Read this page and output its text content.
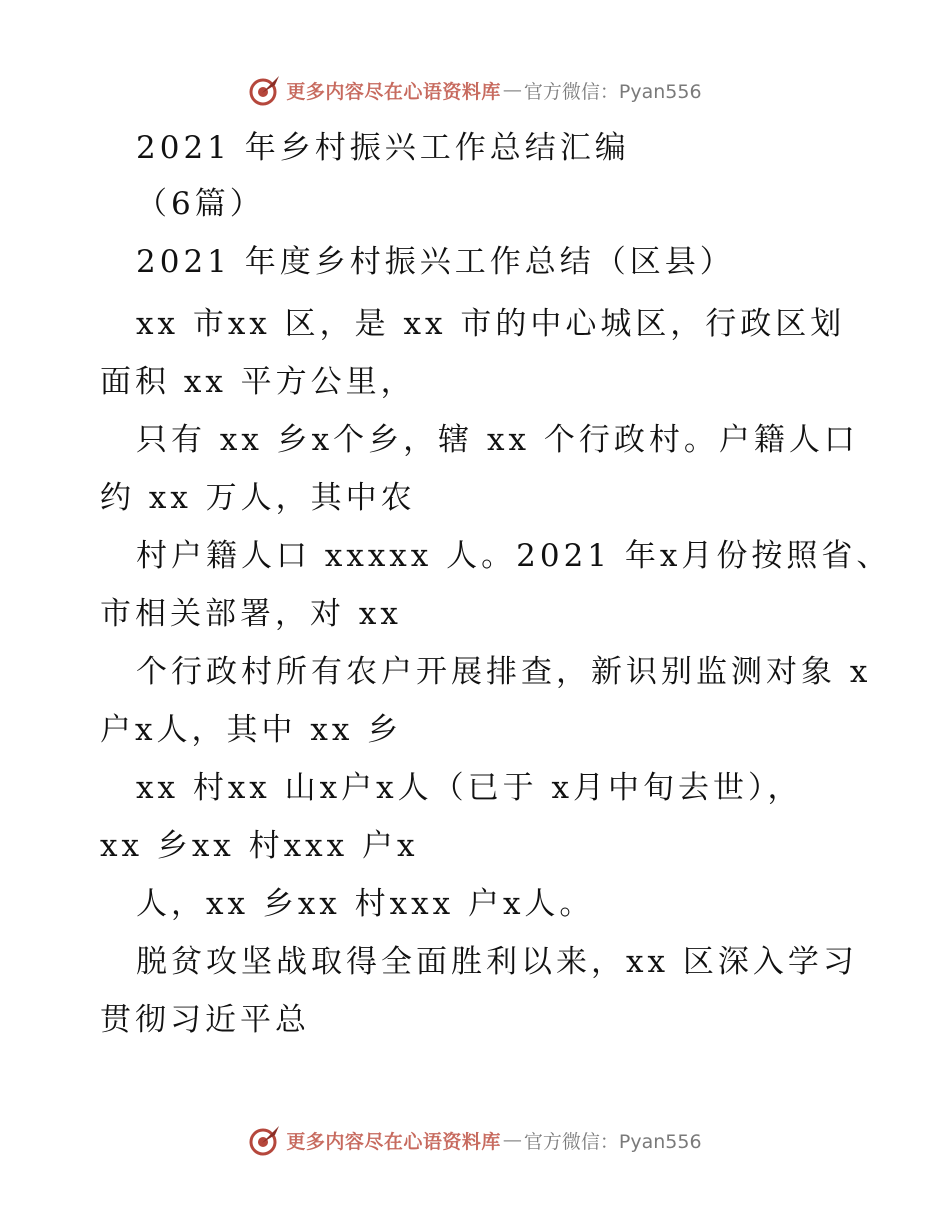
更多内容尽在心语资料库 — 官方微信：Pyan556
2021 年乡村振兴工作总结汇编
（6篇）
2021 年度乡村振兴工作总结（区县）
xx 市xx 区，是 xx 市的中心城区，行政区划
面积 xx 平方公里，
只有 xx 乡x个乡，辖 xx 个行政村。户籍人口
约 xx 万人，其中农
村户籍人口 xxxxx 人。2021 年x月份按照省、
市相关部署，对 xx
个行政村所有农户开展排查，新识别监测对象 x
户x人，其中 xx 乡
xx 村xx 山x户x人（已于 x月中旬去世），
xx 乡xx 村xxx 户x
人，xx 乡xx 村xxx 户x人。
脱贫攻坚战取得全面胜利以来，xx 区深入学习
贯彻习近平总
更多内容尽在心语资料库 — 官方微信：Pyan556
